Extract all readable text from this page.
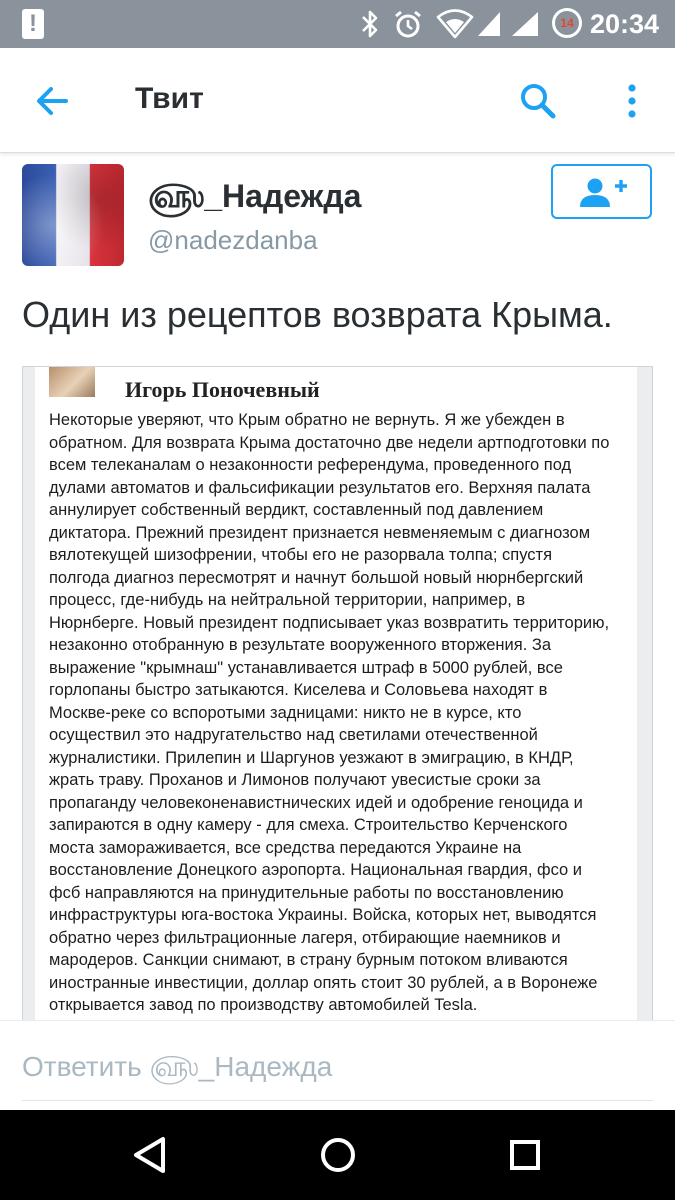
!	14 20:34
Твит
௵_Надежда
@nadezdanba
Один из рецептов возврата Крыма.
Игорь Поночевный
Некоторые уверяют, что Крым обратно не вернуть. Я же убежден в
обратном. Для возврата Крыма достаточно две недели артподготовки по
всем телеканалам о незаконности референдума, проведенного под
дулами автоматов и фальсификации результатов его. Верхняя палата
аннулирует собственный вердикт, составленный под давлением
диктатора. Прежний президент признается невменяемым с диагнозом
вялотекущей шизофрении, чтобы его не разорвала толпа; спустя
полгода диагноз пересмотрят и начнут большой новый нюрнбергский
процесс, где-нибудь на нейтральной территории, например, в
Нюрнберге. Новый президент подписывает указ возвратить территорию,
незаконно отобранную в результате вооруженного вторжения. За
выражение "крымнаш" устанавливается штраф в 5000 рублей, все
горлопаны быстро затыкаются. Киселева и Соловьева находят в
Москве-реке со вспоротыми задницами: никто не в курсе, кто
осуществил это надругательство над светилами отечественной
журналистики. Прилепин и Шаргунов уезжают в эмиграцию, в КНДР,
жрать траву. Проханов и Лимонов получают увесистые сроки за
пропаганду человеконенавистнических идей и одобрение геноцида и
запираются в одну камеру - для смеха. Строительство Керченского
моста замораживается, все средства передаются Украине на
восстановление Донецкого аэропорта. Национальная гвардия, фсо и
фсб направляются на принудительные работы по восстановлению
инфраструктуры юга-востока Украины. Войска, которых нет, выводятся
обратно через фильтрационные лагеря, отбирающие наемников и
мародеров. Санкции снимают, в страну бурным потоком вливаются
иностранные инвестиции, доллар опять стоит 30 рублей, а в Воронеже
открывается завод по производству автомобилей Tesla.
Ответить ௵_Надежда
